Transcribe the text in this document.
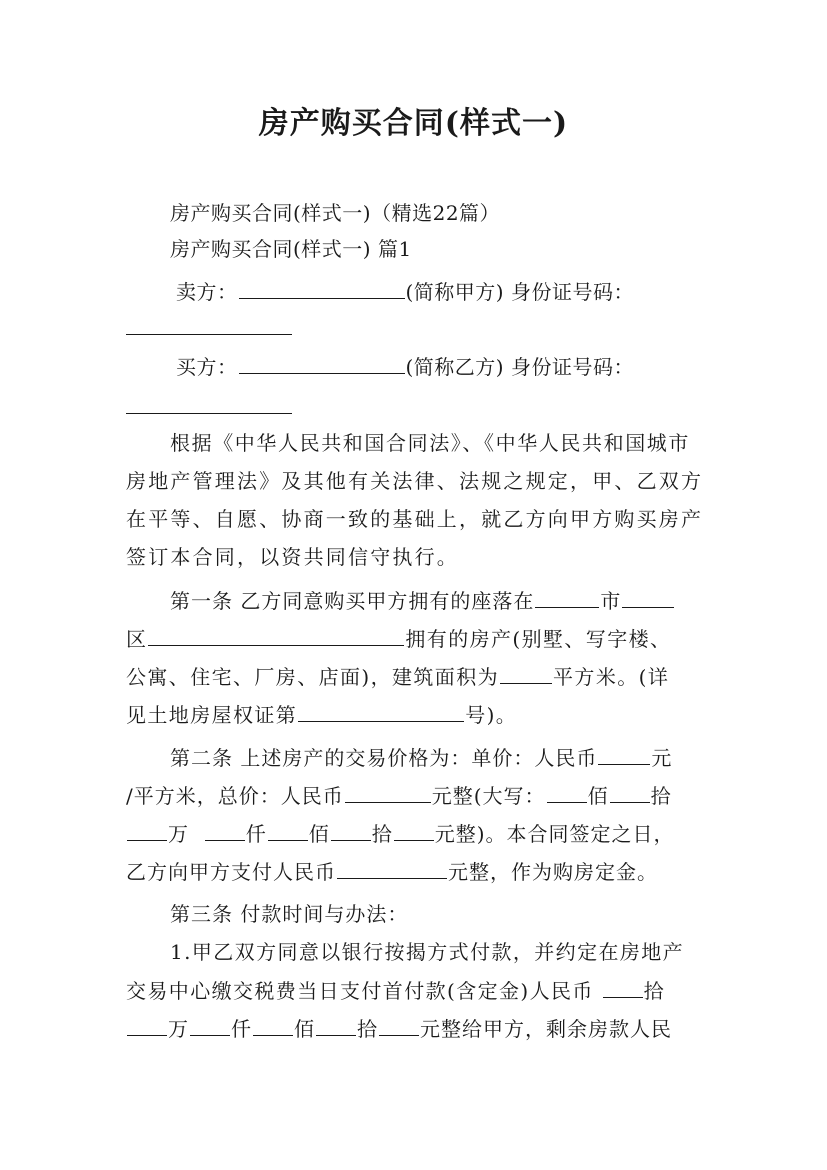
房产购买合同(样式一)
房产购买合同(样式一)（精选22篇）
房产购买合同(样式一) 篇1
卖方：	(简称甲方) 身份证号码：
买方：	(简称乙方) 身份证号码：
根据《中华人民共和国合同法》、《中华人民共和国城市
房地产管理法》及其他有关法律、法规之规定，甲、乙双方
在平等、自愿、协商一致的基础上，就乙方向甲方购买房产
签订本合同，以资共同信守执行。
第一条 乙方同意购买甲方拥有的座落在	市
区	拥有的房产(别墅、写字楼、
公寓、住宅、厂房、店面)，建筑面积为	平方米。(详
见土地房屋权证第	号)。
第二条 上述房产的交易价格为：单价：人民币	元
/平方米，总价：人民币	元整(大写： 佰 拾
万	仟 佰 拾 元整)。本合同签定之日，
乙方向甲方支付人民币	元整，作为购房定金。
第三条 付款时间与办法：
1.甲乙双方同意以银行按揭方式付款，并约定在房地产
交易中心缴交税费当日支付首付款(含定金)人民币 拾
万 仟 佰 拾 元整给甲方，剩余房款人民
